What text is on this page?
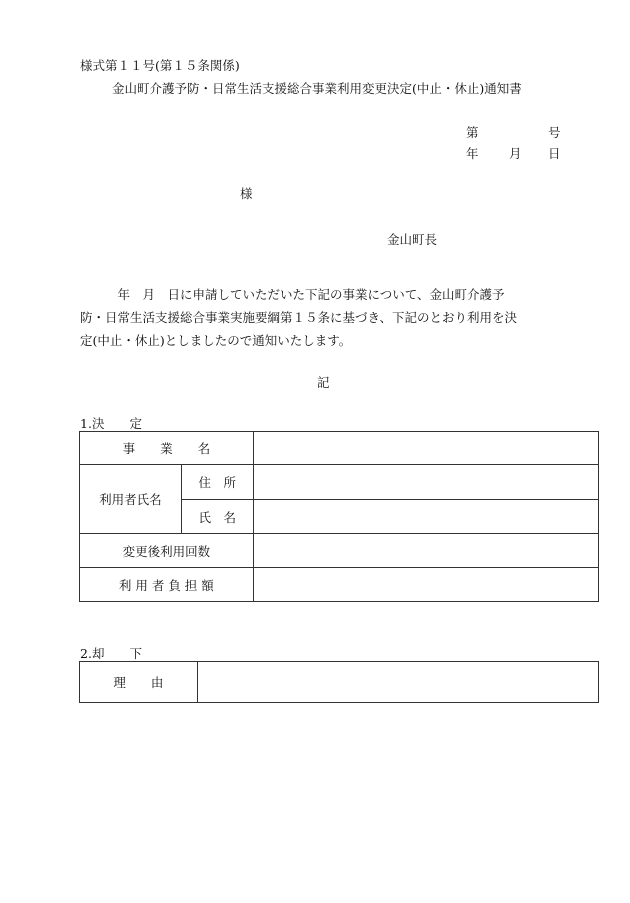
様式第１１号(第１５条関係)
金山町介護予防・日常生活支援総合事業利用変更決定(中止・休止)通知書
第	号
年 月 日
様
金山町長
　　　年　月　日に申請していただいた下記の事業について、金山町介護予
防・日常生活支援総合事業実施要綱第１５条に基づき、下記のとおり利用を決
定(中止・休止)としましたので通知いたします。
記
1.決　　定
事　　業　　名		
利用者氏名	住　所	
	氏　名	
変更後利用回数		
利 用 者 負 担 額		
2.却　　下
理　　由	
